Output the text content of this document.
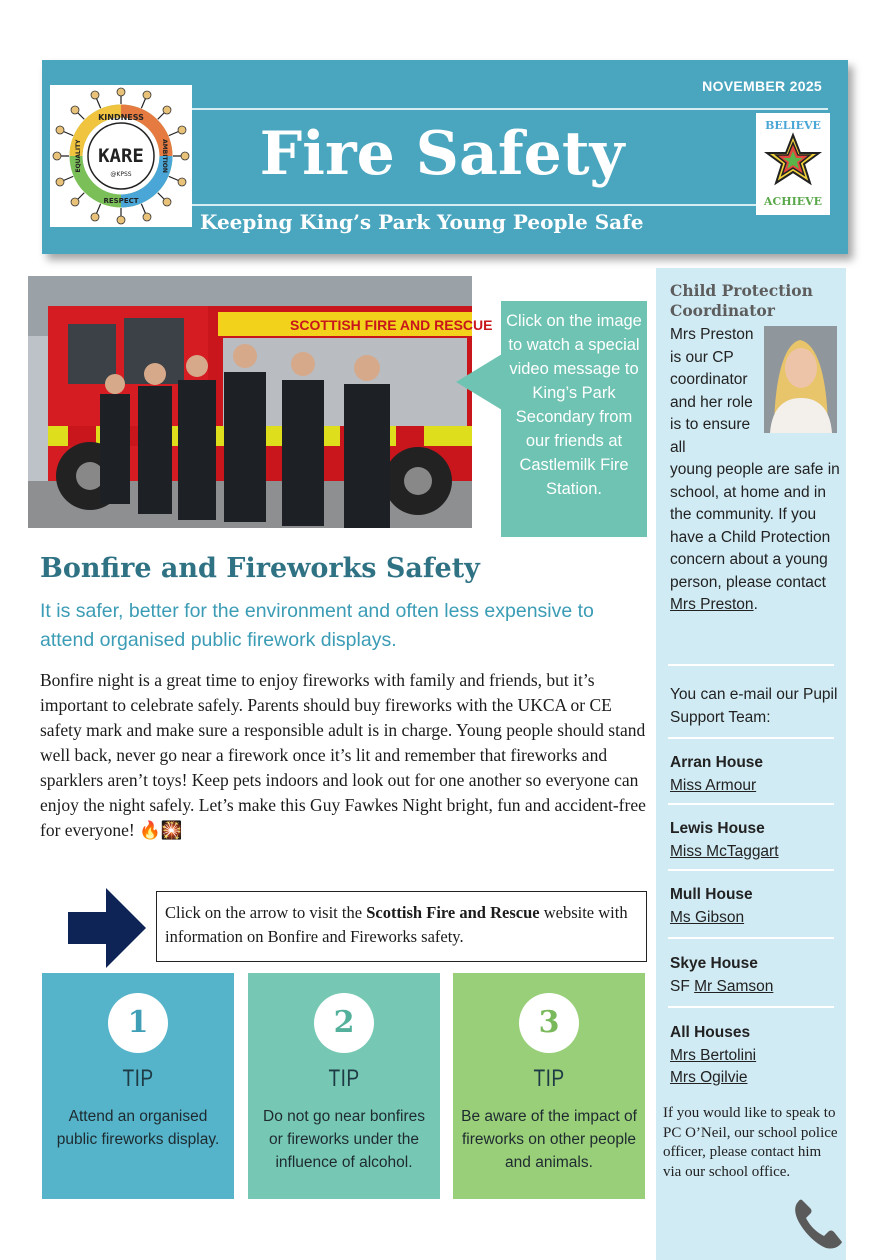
NOVEMBER 2025
Fire Safety
Keeping King’s Park Young People Safe
KARE
@KPSS
KINDNESS
AMBITION
RESPECT
EQUALITY
BELIEVE
ACHIEVE
SCOTTISH FIRE AND RESCUE Click on the image to watch a special video message to King’s Park Secondary from our friends at Castlemilk Fire Station.
Bonfire and Fireworks Safety
It is safer, better for the environment and often less expensive to attend organised public firework displays.
Bonfire night is a great time to enjoy fireworks with family and friends, but it’s important to celebrate safely. Parents should buy fireworks with the UKCA or CE safety mark and make sure a responsible adult is in charge. Young people should stand well back, never go near a firework once it’s lit and remember that fireworks and sparklers aren’t toys! Keep pets indoors and look out for one another so everyone can enjoy the night safely. Let’s make this Guy Fawkes Night bright, fun and accident-free for everyone! 🔥🎇
Click on the arrow to visit the Scottish Fire and Rescue website with information on Bonfire and Fireworks safety.
1
TIP
Attend an organised public fireworks display.
2
TIP
Do not go near bonfires or fireworks under the influence of alcohol.
3
TIP
Be aware of the impact of fireworks on other people and animals.
Child Protection Coordinator
Mrs Preston is our CP coordinator and her role is to ensure all
young people are safe in school, at home and in the community. If you have a Child Protection concern about a young person, please contact Mrs Preston.
You can e-mail our Pupil Support Team:
Arran House
Miss Armour
Lewis House
Miss McTaggart
Mull House
Ms Gibson
Skye House
SF Mr Samson
All Houses
Mrs Bertolini
Mrs Ogilvie
If you would like to speak to PC O’Neil, our school police officer, please contact him via our school office.
